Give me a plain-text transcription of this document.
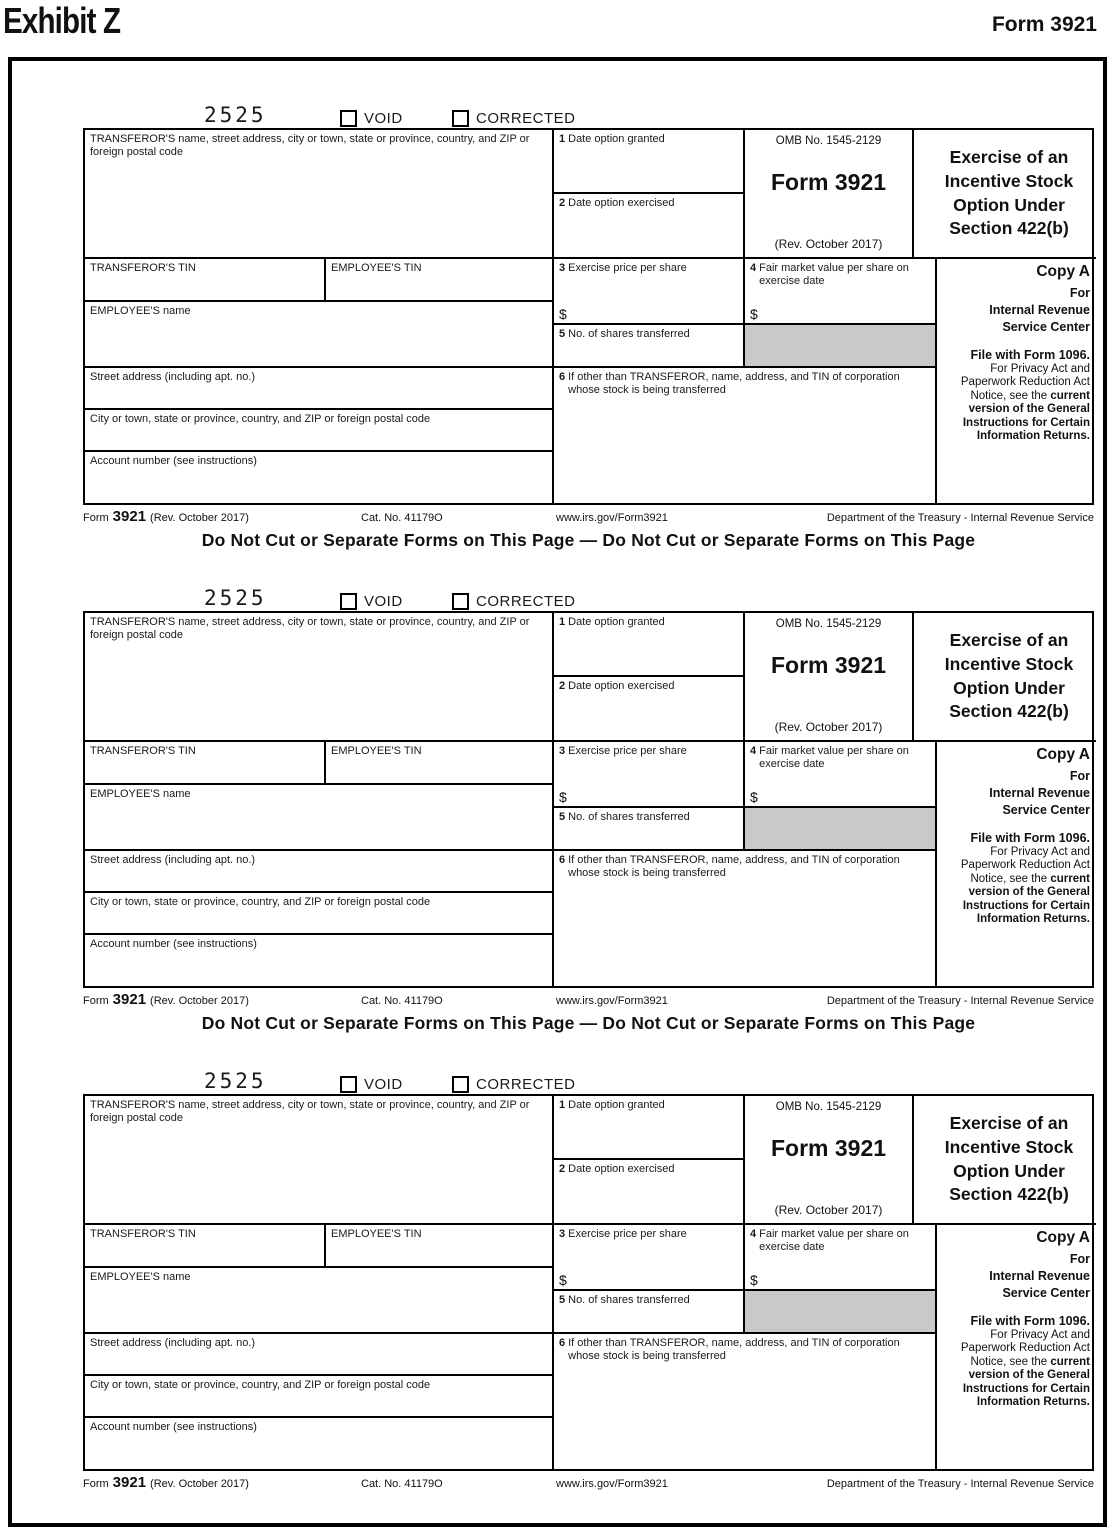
Exhibit Z	Form 3921
2525	VOID	CORRECTED
TRANSFEROR'S name, street address, city or town, state or province, country, and ZIP or foreign postal code
1 Date option granted
2 Date option exercised
OMB No. 1545-2129
Form 3921
(Rev. October 2017)
Exercise of an Incentive Stock Option Under Section 422(b)
TRANSFEROR'S TIN	EMPLOYEE'S TIN
EMPLOYEE'S name
3 Exercise price per share
$
4 Fair market value per share on exercise date
$
5 No. of shares transferred
Street address (including apt. no.)
City or town, state or province, country, and ZIP or foreign postal code
Account number (see instructions)
6 If other than TRANSFEROR, name, address, and TIN of corporation whose stock is being transferred
Copy A
For
Internal Revenue
Service Center
File with Form 1096.
For Privacy Act and Paperwork Reduction Act Notice, see the current version of the General Instructions for Certain Information Returns.
Form 3921 (Rev. October 2017)	Cat. No. 41179O	www.irs.gov/Form3921	Department of the Treasury - Internal Revenue Service
Do Not Cut or Separate Forms on This Page — Do Not Cut or Separate Forms on This Page
2525	VOID	CORRECTED
TRANSFEROR'S name, street address, city or town, state or province, country, and ZIP or foreign postal code
1 Date option granted
2 Date option exercised
OMB No. 1545-2129
Form 3921
(Rev. October 2017)
Exercise of an Incentive Stock Option Under Section 422(b)
TRANSFEROR'S TIN	EMPLOYEE'S TIN
EMPLOYEE'S name
3 Exercise price per share
$
4 Fair market value per share on exercise date
$
5 No. of shares transferred
Street address (including apt. no.)
City or town, state or province, country, and ZIP or foreign postal code
Account number (see instructions)
6 If other than TRANSFEROR, name, address, and TIN of corporation whose stock is being transferred
Copy A
For
Internal Revenue
Service Center
File with Form 1096.
For Privacy Act and Paperwork Reduction Act Notice, see the current version of the General Instructions for Certain Information Returns.
Form 3921 (Rev. October 2017)	Cat. No. 41179O	www.irs.gov/Form3921	Department of the Treasury - Internal Revenue Service
Do Not Cut or Separate Forms on This Page — Do Not Cut or Separate Forms on This Page
2525	VOID	CORRECTED
TRANSFEROR'S name, street address, city or town, state or province, country, and ZIP or foreign postal code
1 Date option granted
2 Date option exercised
OMB No. 1545-2129
Form 3921
(Rev. October 2017)
Exercise of an Incentive Stock Option Under Section 422(b)
TRANSFEROR'S TIN	EMPLOYEE'S TIN
EMPLOYEE'S name
3 Exercise price per share
$
4 Fair market value per share on exercise date
$
5 No. of shares transferred
Street address (including apt. no.)
City or town, state or province, country, and ZIP or foreign postal code
Account number (see instructions)
6 If other than TRANSFEROR, name, address, and TIN of corporation whose stock is being transferred
Copy A
For
Internal Revenue
Service Center
File with Form 1096.
For Privacy Act and Paperwork Reduction Act Notice, see the current version of the General Instructions for Certain Information Returns.
Form 3921 (Rev. October 2017)	Cat. No. 41179O	www.irs.gov/Form3921	Department of the Treasury - Internal Revenue Service
